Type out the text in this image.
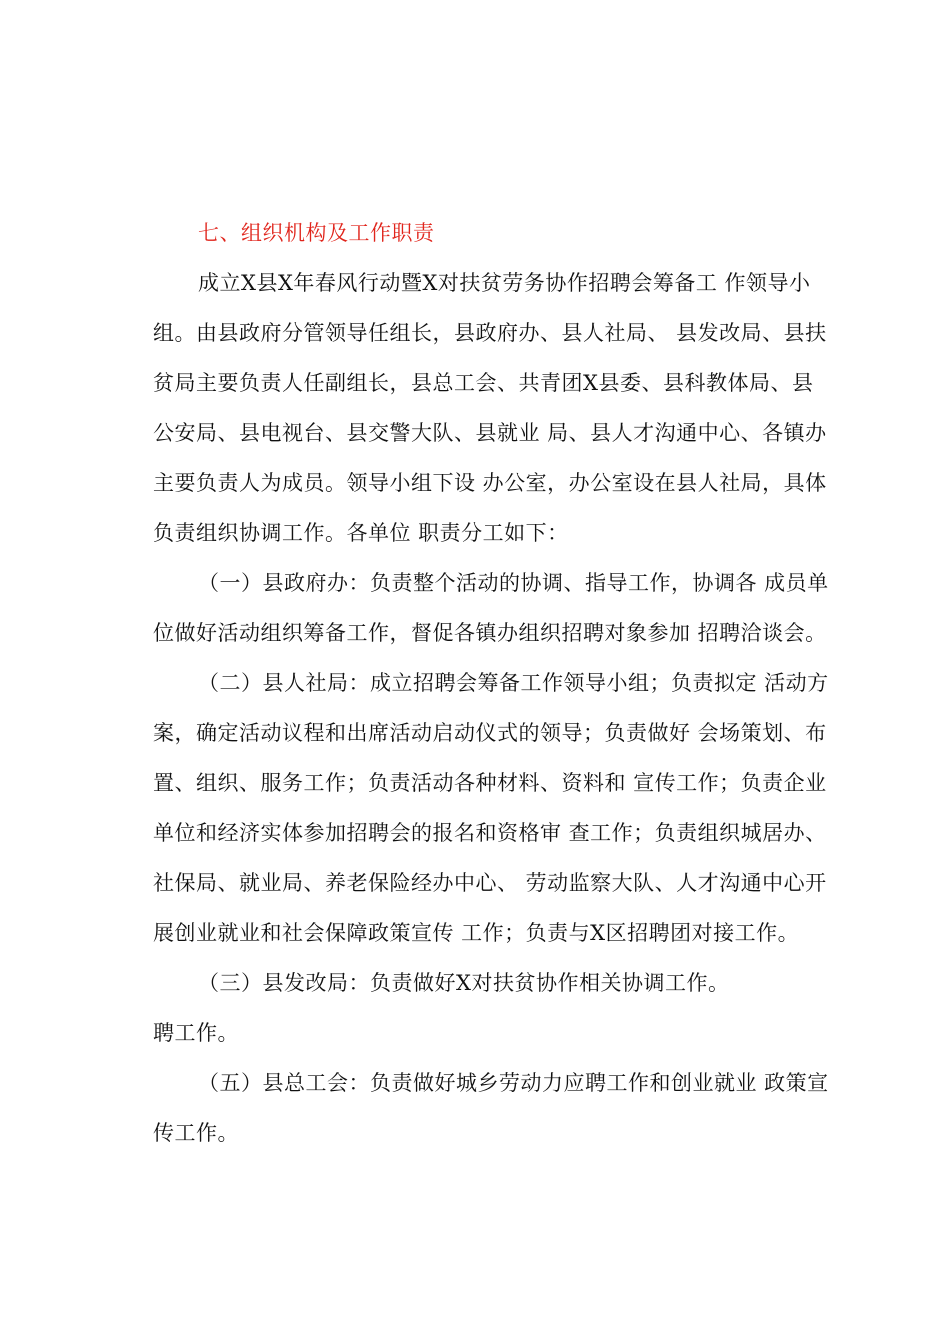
七、组织机构及工作职责
成立X县X年春风行动暨X对扶贫劳务协作招聘会筹备工 作领导小
组。由县政府分管领导任组长，县政府办、县人社局、 县发改局、县扶
贫局主要负责人任副组长，县总工会、共青团X县委、县科教体局、县
公安局、县电视台、县交警大队、县就业 局、县人才沟通中心、各镇办
主要负责人为成员。领导小组下设 办公室，办公室设在县人社局，具体
负责组织协调工作。各单位 职责分工如下：
（一）县政府办：负责整个活动的协调、指导工作，协调各 成员单
位做好活动组织筹备工作，督促各镇办组织招聘对象参加 招聘洽谈会。
（二）县人社局：成立招聘会筹备工作领导小组；负责拟定 活动方
案，确定活动议程和出席活动启动仪式的领导；负责做好 会场策划、布
置、组织、服务工作；负责活动各种材料、资料和 宣传工作；负责企业
单位和经济实体参加招聘会的报名和资格审 查工作；负责组织城居办、
社保局、就业局、养老保险经办中心、 劳动监察大队、人才沟通中心开
展创业就业和社会保障政策宣传 工作；负责与X区招聘团对接工作。
（三）县发改局：负责做好X对扶贫协作相关协调工作。
聘工作。
（五）县总工会：负责做好城乡劳动力应聘工作和创业就业 政策宣
传工作。
